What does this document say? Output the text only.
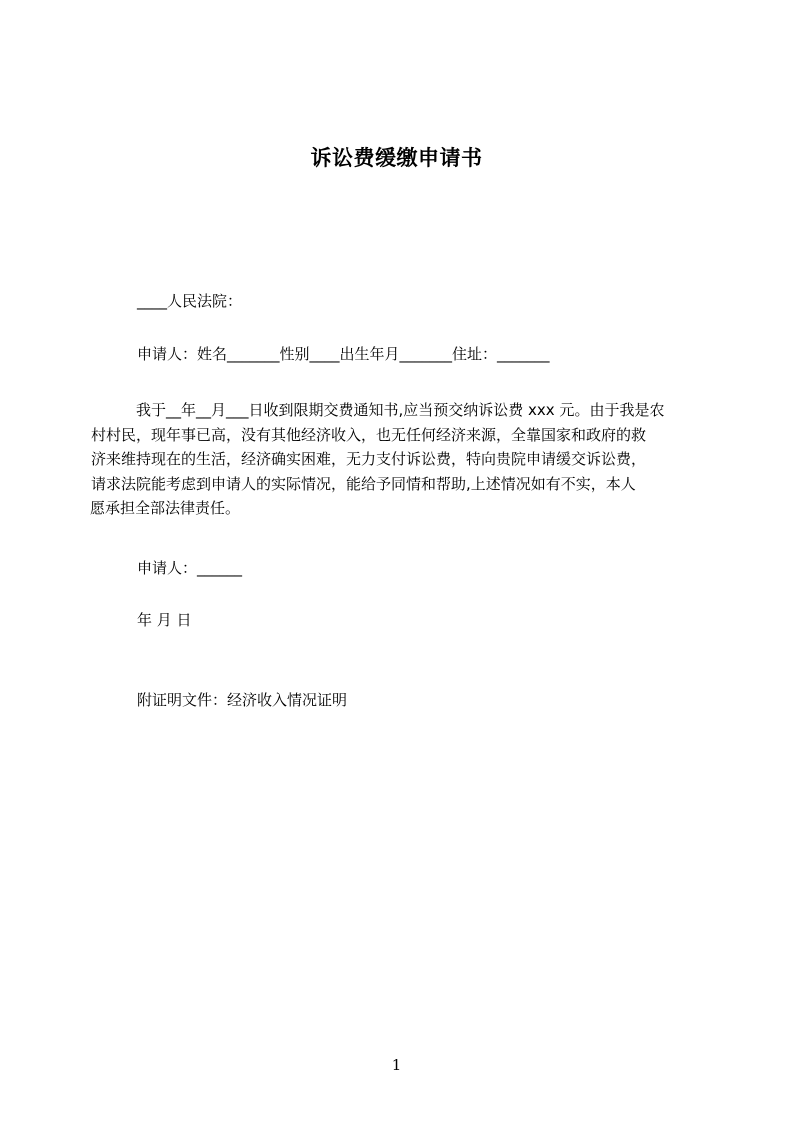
诉讼费缓缴申请书
____人民法院：
申请人：姓名_______性别____出生年月_______住址：_______
我于__年__月___日收到限期交费通知书,应当预交纳诉讼费 xxx 元。由于我是农
村村民，现年事已高，没有其他经济收入，也无任何经济来源，全靠国家和政府的救
济来维持现在的生活，经济确实困难，无力支付诉讼费，特向贵院申请缓交诉讼费，
请求法院能考虑到申请人的实际情况，能给予同情和帮助,上述情况如有不实，本人
愿承担全部法律责任。
申请人：______
年 月 日
附证明文件：经济收入情况证明
1
